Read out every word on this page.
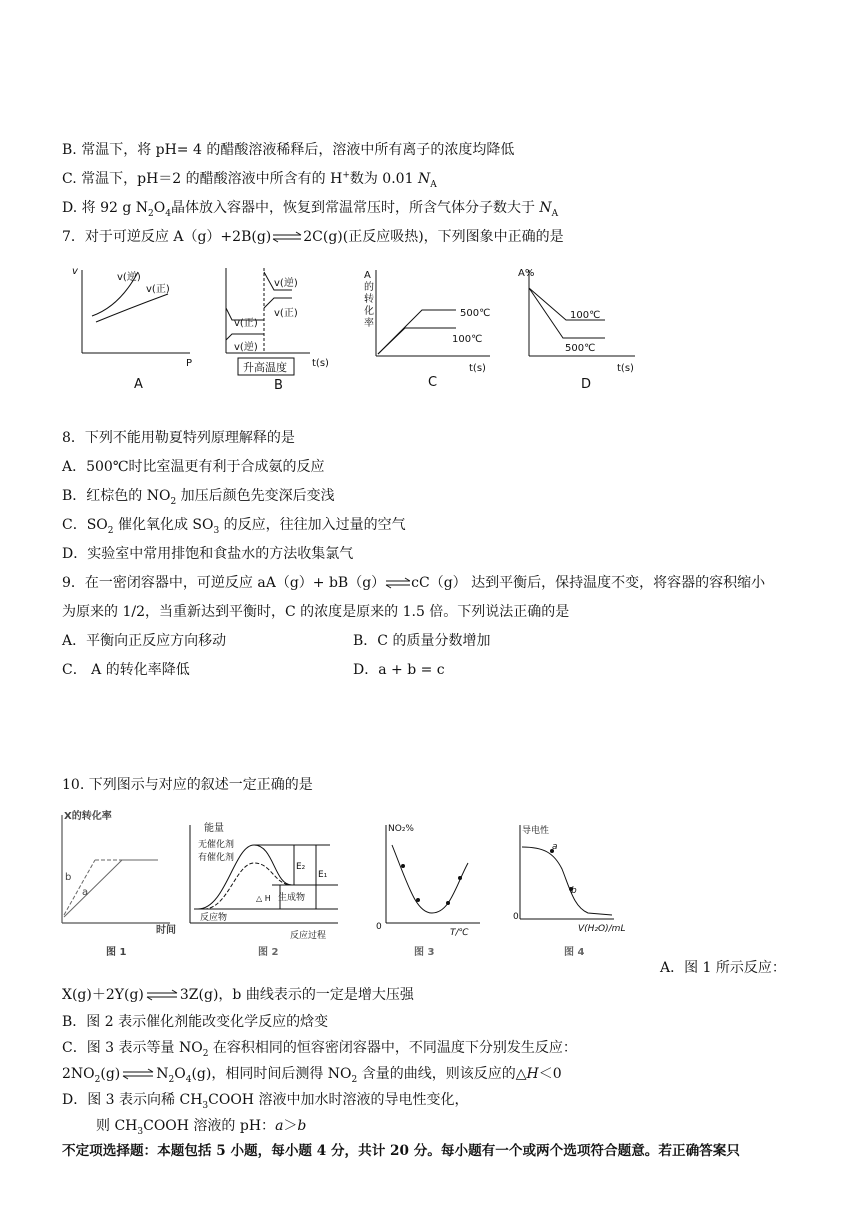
B. 常温下，将 pH= 4 的醋酸溶液稀释后，溶液中所有离子的浓度均降低
C. 常温下，pH＝2 的醋酸溶液中所含有的 H+数为 0.01 $N_A$
D. 将 92 g $N_2O_4$晶体放入容器中，恢复到常温常压时，所含气体分子数大于 $N_A$
7．对于可逆反应 A（g）+2B(g)⇌2C(g)(正反应吸热)，下列图象中正确的是
v
P
v(逆)
v(正)
A
v(正)
v(逆)
v(逆)
v(正)
t(s)
升高温度
B
A
的
转
化
率
500℃
100℃
t(s)
C
A%
100℃
500℃
t(s)
D
8．下列不能用勒夏特列原理解释的是
A．500℃时比室温更有利于合成氨的反应
B．红棕色的 $NO_2$ 加压后颜色先变深后变浅
C．$SO_2$ 催化氧化成 $SO_3$ 的反应，往往加入过量的空气
D．实验室中常用排饱和食盐水的方法收集氯气
9．在一密闭容器中，可逆反应 aA（g）+ bB（g）⇌cC（g） 达到平衡后，保持温度不变，将容器的容积缩小
为原来的 1/2，当重新达到平衡时，C 的浓度是原来的 1.5 倍。下列说法正确的是
A．平衡向正反应方向移动	B．C 的质量分数增加
C． A 的转化率降低	D．a + b = c
10. 下列图示与对应的叙述一定正确的是
X的转化率
b
a
时间
图 1
能量
无催化剂
有催化剂
E₂
E₁
△ H 生成物
反应物
反应过程
图 2
NO₂%
0
T/℃
图 3
导电性
a
b
0
V(H₂O)/mL
图 4
A．图 1 所示反应：
X(g)＋2Y(g) ⇌ 3Z(g)，b 曲线表示的一定是增大压强
B．图 2 表示催化剂能改变化学反应的焓变
C．图 3 表示等量 $NO_2$ 在容积相同的恒容密闭容器中，不同温度下分别发生反应：
$2NO_2(g)$ ⇌ $N_2O_4(g)$，相同时间后测得 $NO_2$ 含量的曲线，则该反应的△H＜0
D．图 3 表示向稀 $CH_3COOH$ 溶液中加水时溶液的导电性变化，
则 $CH_3COOH$ 溶液的 pH：a＞b
不定项选择题：本题包括 5 小题，每小题 4 分，共计 20 分。每小题有一个或两个选项符合题意。若正确答案只
